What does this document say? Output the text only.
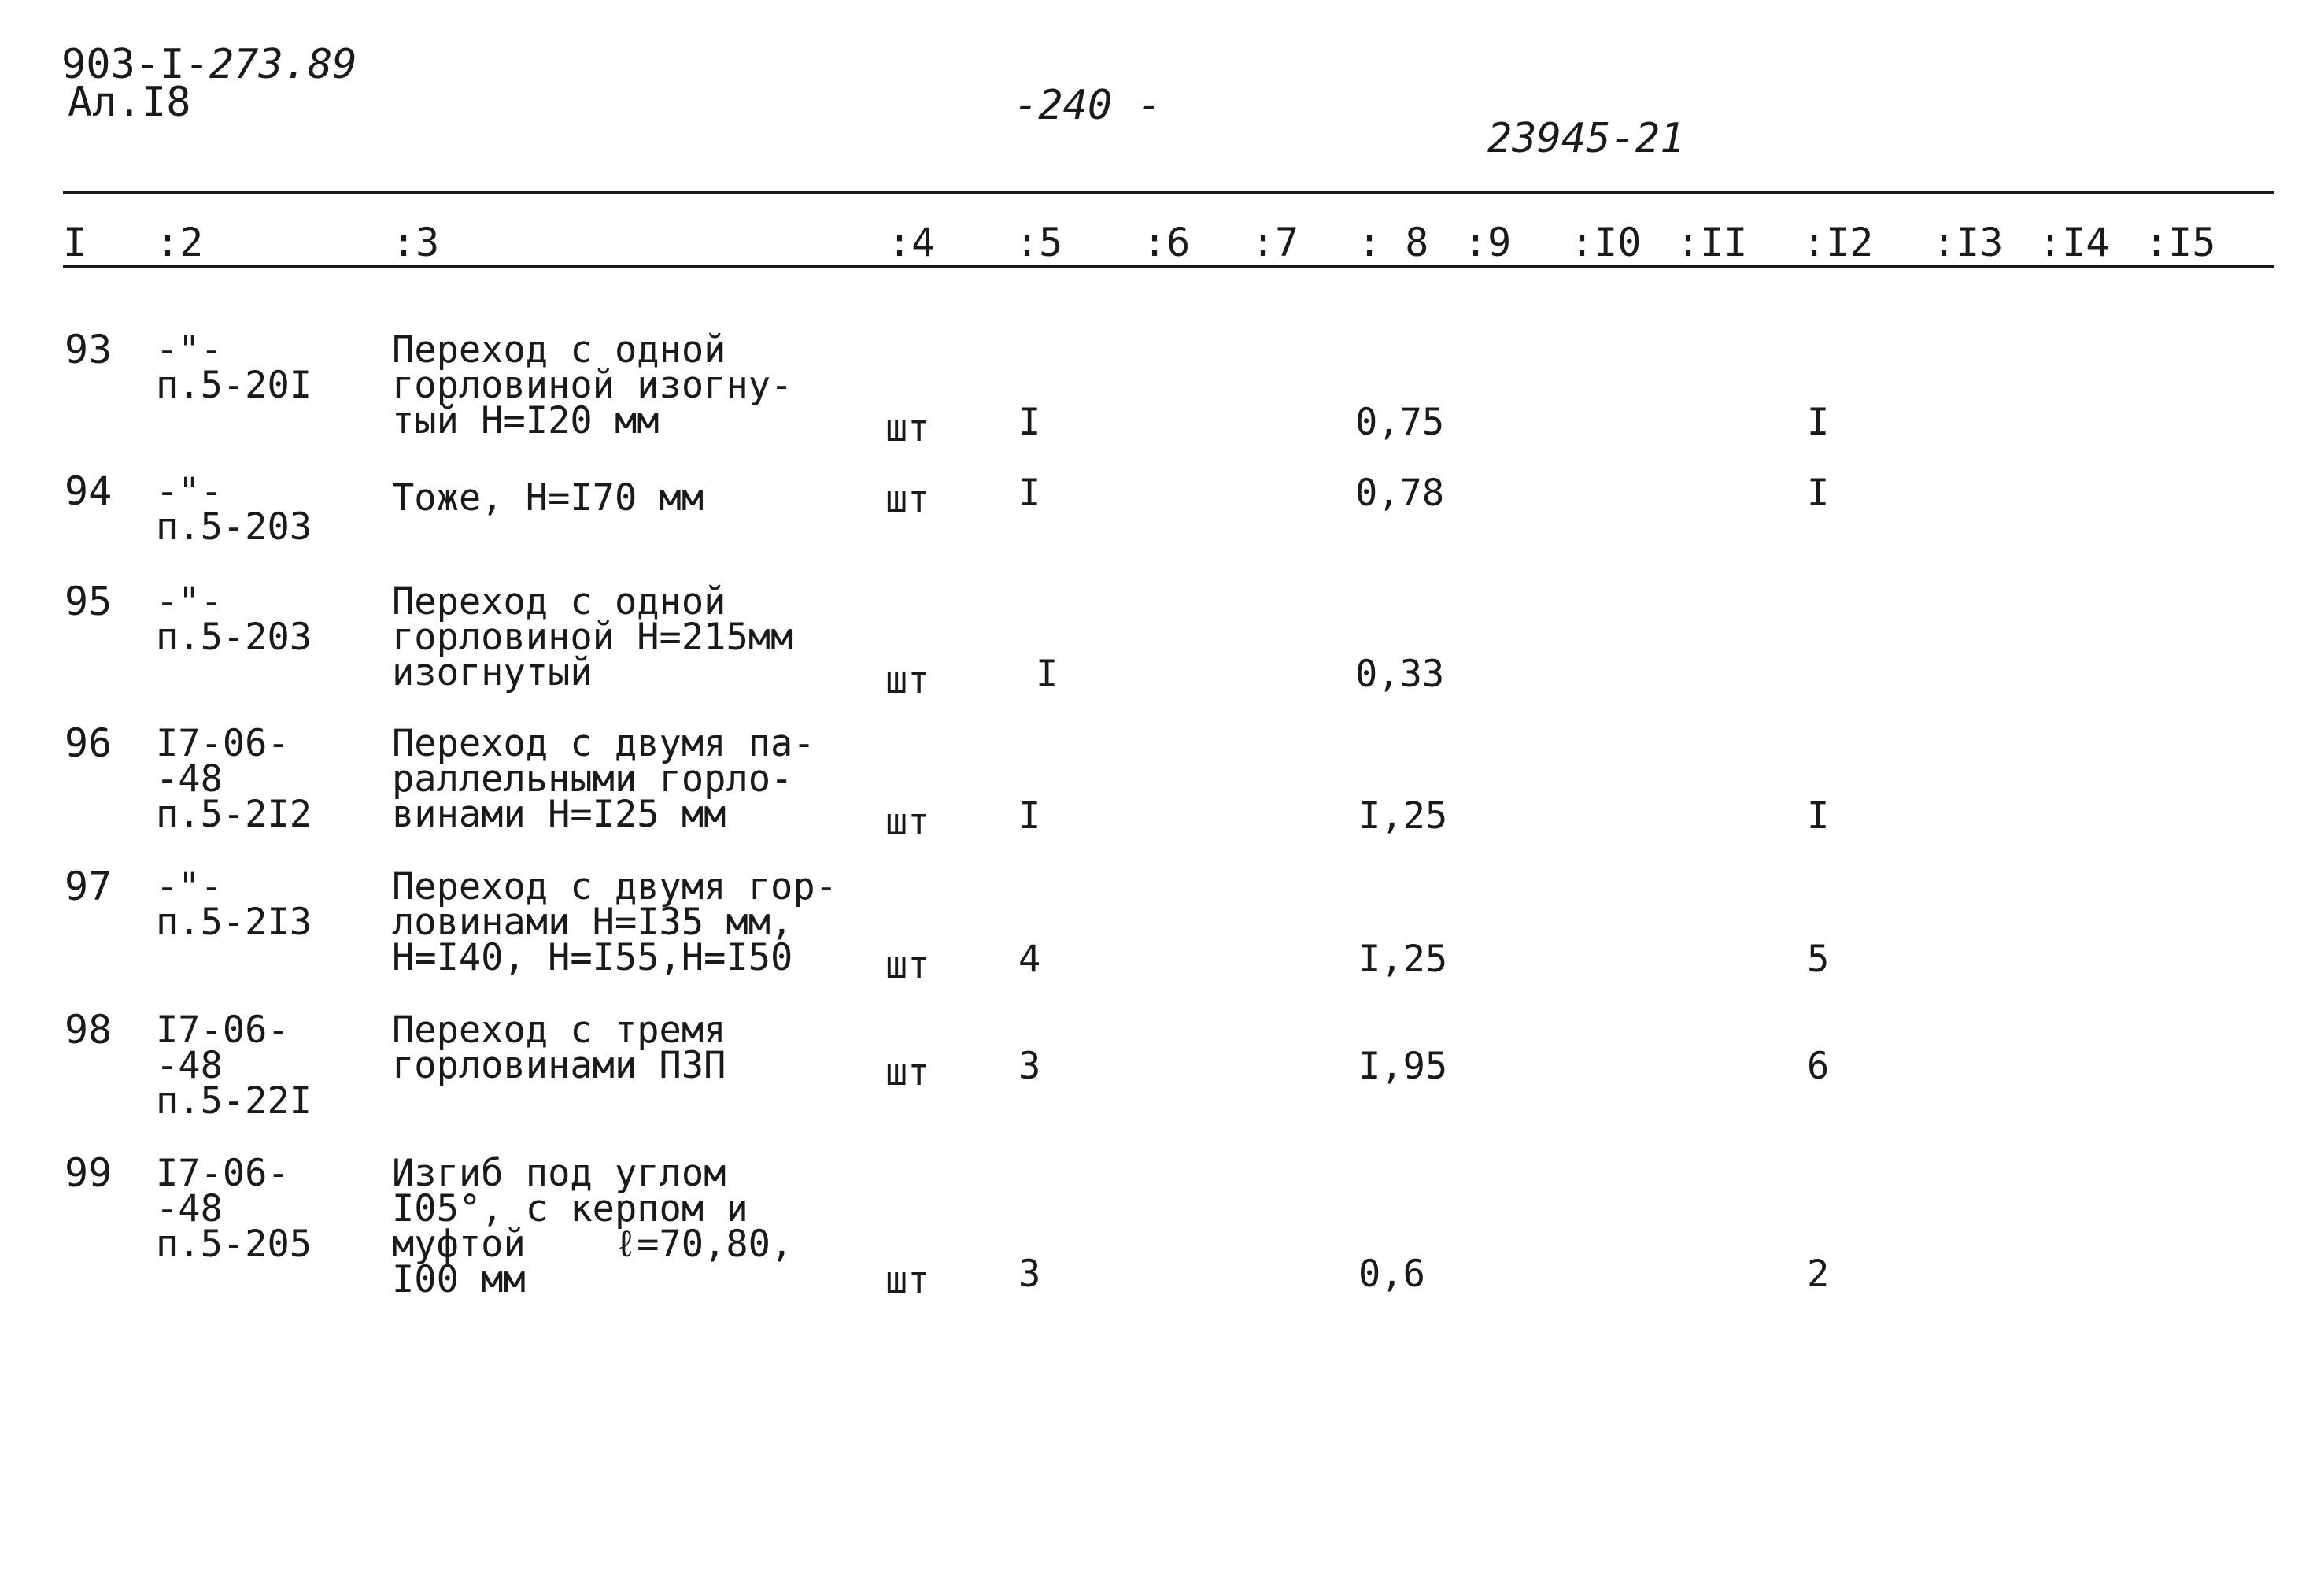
903-I-273.89
Ал.I8	-240 -
23945-21
I :2	:3	:4 :5 :6 :7 : 8 :9 :I0 :II :I2 :I3 :I4 :I5
93 -"-
п.5-20I
Переход с одной
горловиной изогну-
тый Н=I20 мм	шт I	0,75	I
94 -"-
п.5-203
Тоже, Н=I70 мм	шт I	0,78	I
95 -"-
п.5-203
Переход с одной
горловиной Н=215мм
изогнутый	шт	I	0,33
96 I7-06-
-48
п.5-2I2
Переход с двумя па-
раллельными горло-
винами Н=I25 мм	шт I	I,25	I
97 -"-
п.5-2I3
Переход с двумя гор-
ловинами Н=I35 мм,
Н=I40, Н=I55,Н=I50	шт 4	I,25	5
98 I7-06-
-48
п.5-22I
Переход с тремя
горловинами П3П	шт 3	I,95	6
99 I7-06-
-48
п.5-205
Изгиб под углом
I05°, с керпом и
муфтой    ℓ=70,80,
I00 мм	шт 3	0,6	2
